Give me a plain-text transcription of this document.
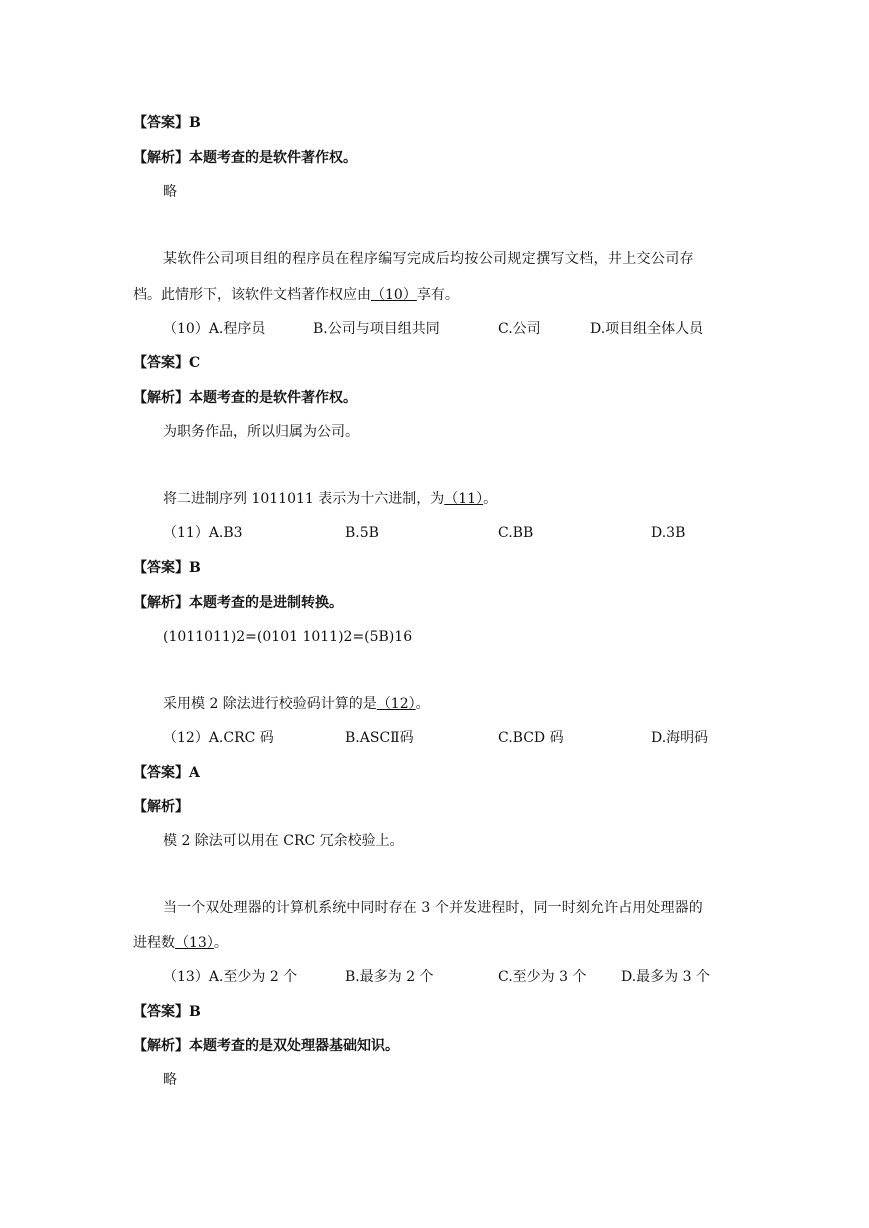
【答案】B
【解析】本题考查的是软件著作权。
略
某软件公司项目组的程序员在程序编写完成后均按公司规定撰写文档，井上交公司存
档。此情形下，该软件文档著作权应由（10）享有。
（10）A.程序员	B.公司与项目组共同	C.公司	D.项目组全体人员
【答案】C
【解析】本题考查的是软件著作权。
为职务作品，所以归属为公司。
将二进制序列 1011011 表示为十六进制，为（11）。
（11）A.B3	B.5B	C.BB	D.3B
【答案】B
【解析】本题考查的是进制转换。
(1011011)2=(0101 1011)2=(5B)16
采用模 2 除法进行校验码计算的是（12）。
（12）A.CRC 码	B.ASCⅡ码	C.BCD 码	D.海明码
【答案】A
【解析】
模 2 除法可以用在 CRC 冗余校验上。
当一个双处理器的计算机系统中同时存在 3 个并发进程时，同一时刻允许占用处理器的
进程数（13）。
（13）A.至少为 2 个	B.最多为 2 个	C.至少为 3 个 D.最多为 3 个
【答案】B
【解析】本题考查的是双处理器基础知识。
略
